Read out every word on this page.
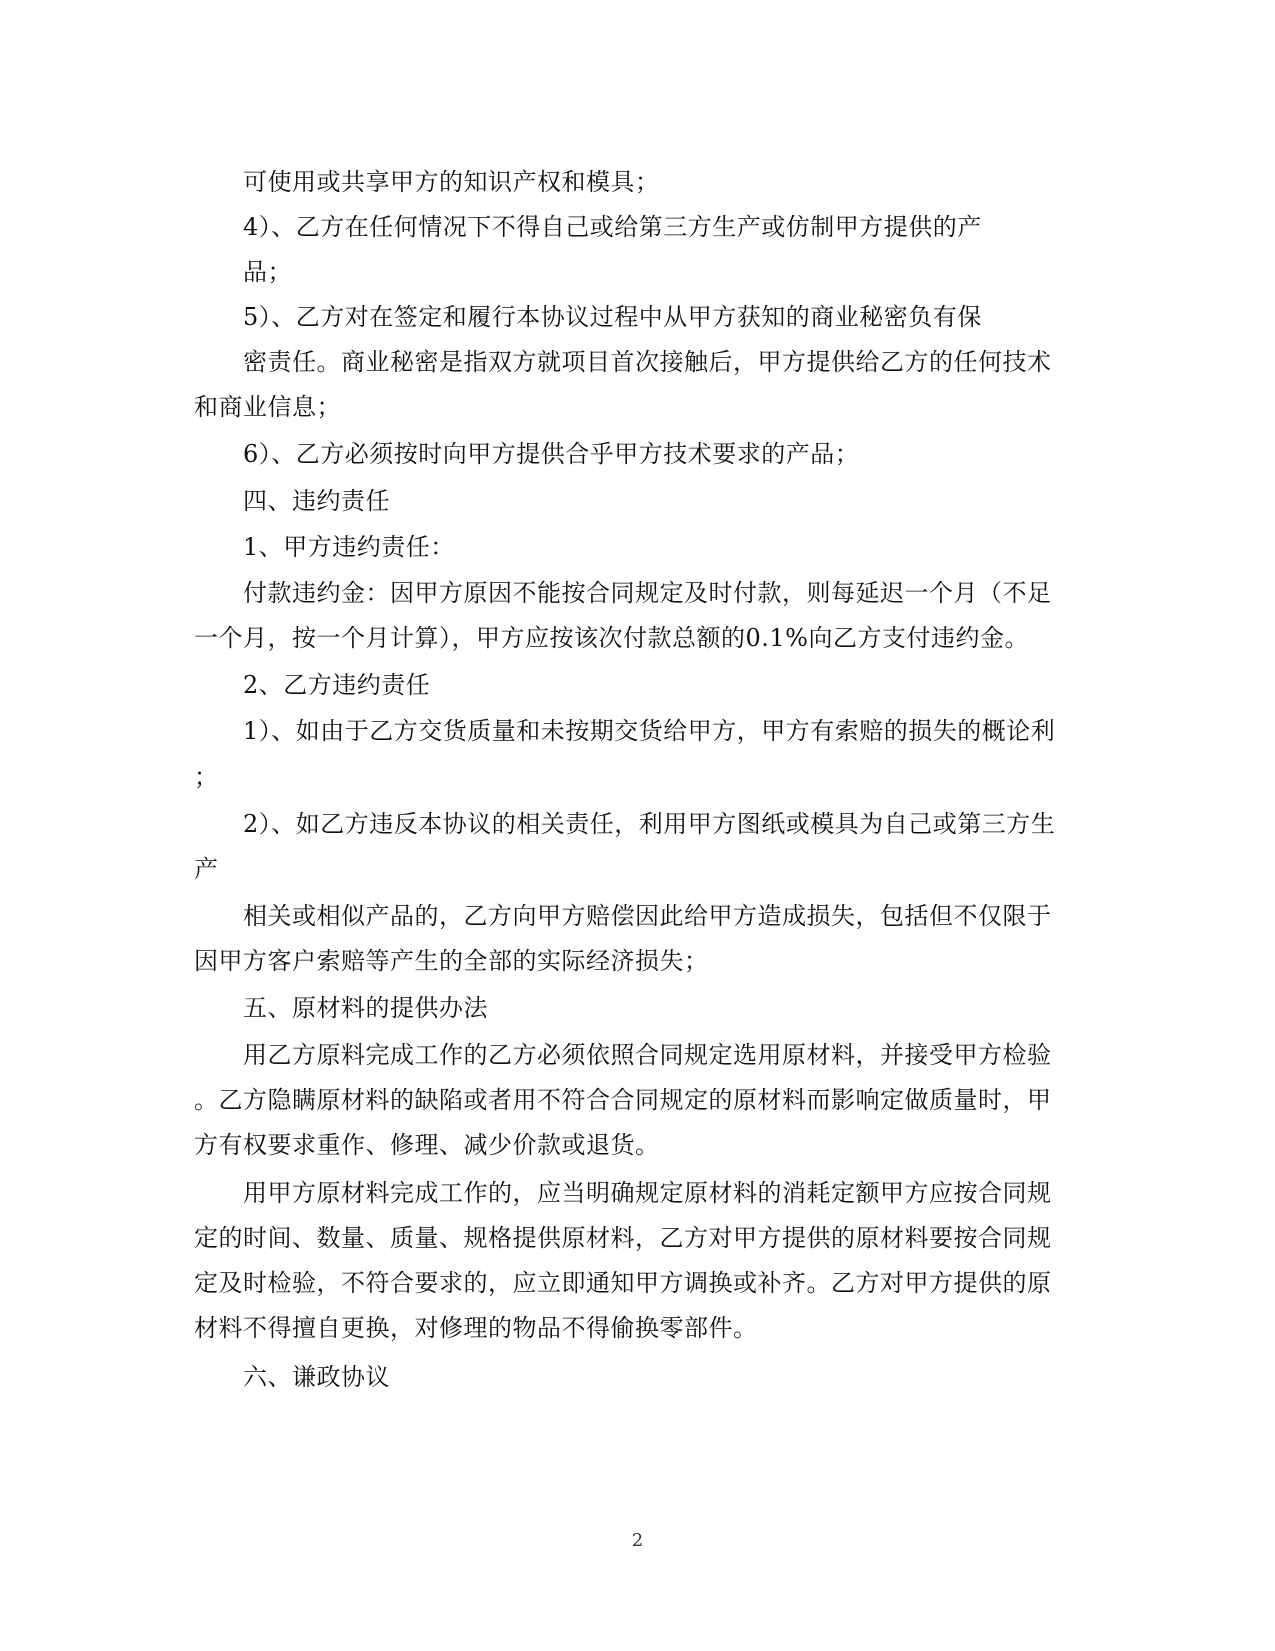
可使用或共享甲方的知识产权和模具；
4）、乙方在任何情况下不得自己或给第三方生产或仿制甲方提供的产
品；
5）、乙方对在签定和履行本协议过程中从甲方获知的商业秘密负有保
密责任。商业秘密是指双方就项目首次接触后，甲方提供给乙方的任何技术
和商业信息；
6）、乙方必须按时向甲方提供合乎甲方技术要求的产品；
四、违约责任
1、甲方违约责任：
付款违约金：因甲方原因不能按合同规定及时付款，则每延迟一个月（不足
一个月，按一个月计算），甲方应按该次付款总额的0.1%向乙方支付违约金。
2、乙方违约责任
1）、如由于乙方交货质量和未按期交货给甲方，甲方有索赔的损失的概论利
；
2）、如乙方违反本协议的相关责任，利用甲方图纸或模具为自己或第三方生
产
相关或相似产品的，乙方向甲方赔偿因此给甲方造成损失，包括但不仅限于
因甲方客户索赔等产生的全部的实际经济损失；
五、原材料的提供办法
用乙方原料完成工作的乙方必须依照合同规定选用原材料，并接受甲方检验
。乙方隐瞒原材料的缺陷或者用不符合合同规定的原材料而影响定做质量时，甲
方有权要求重作、修理、减少价款或退货。
用甲方原材料完成工作的，应当明确规定原材料的消耗定额甲方应按合同规
定的时间、数量、质量、规格提供原材料，乙方对甲方提供的原材料要按合同规
定及时检验，不符合要求的，应立即通知甲方调换或补齐。乙方对甲方提供的原
材料不得擅自更换，对修理的物品不得偷换零部件。
六、谦政协议
2
